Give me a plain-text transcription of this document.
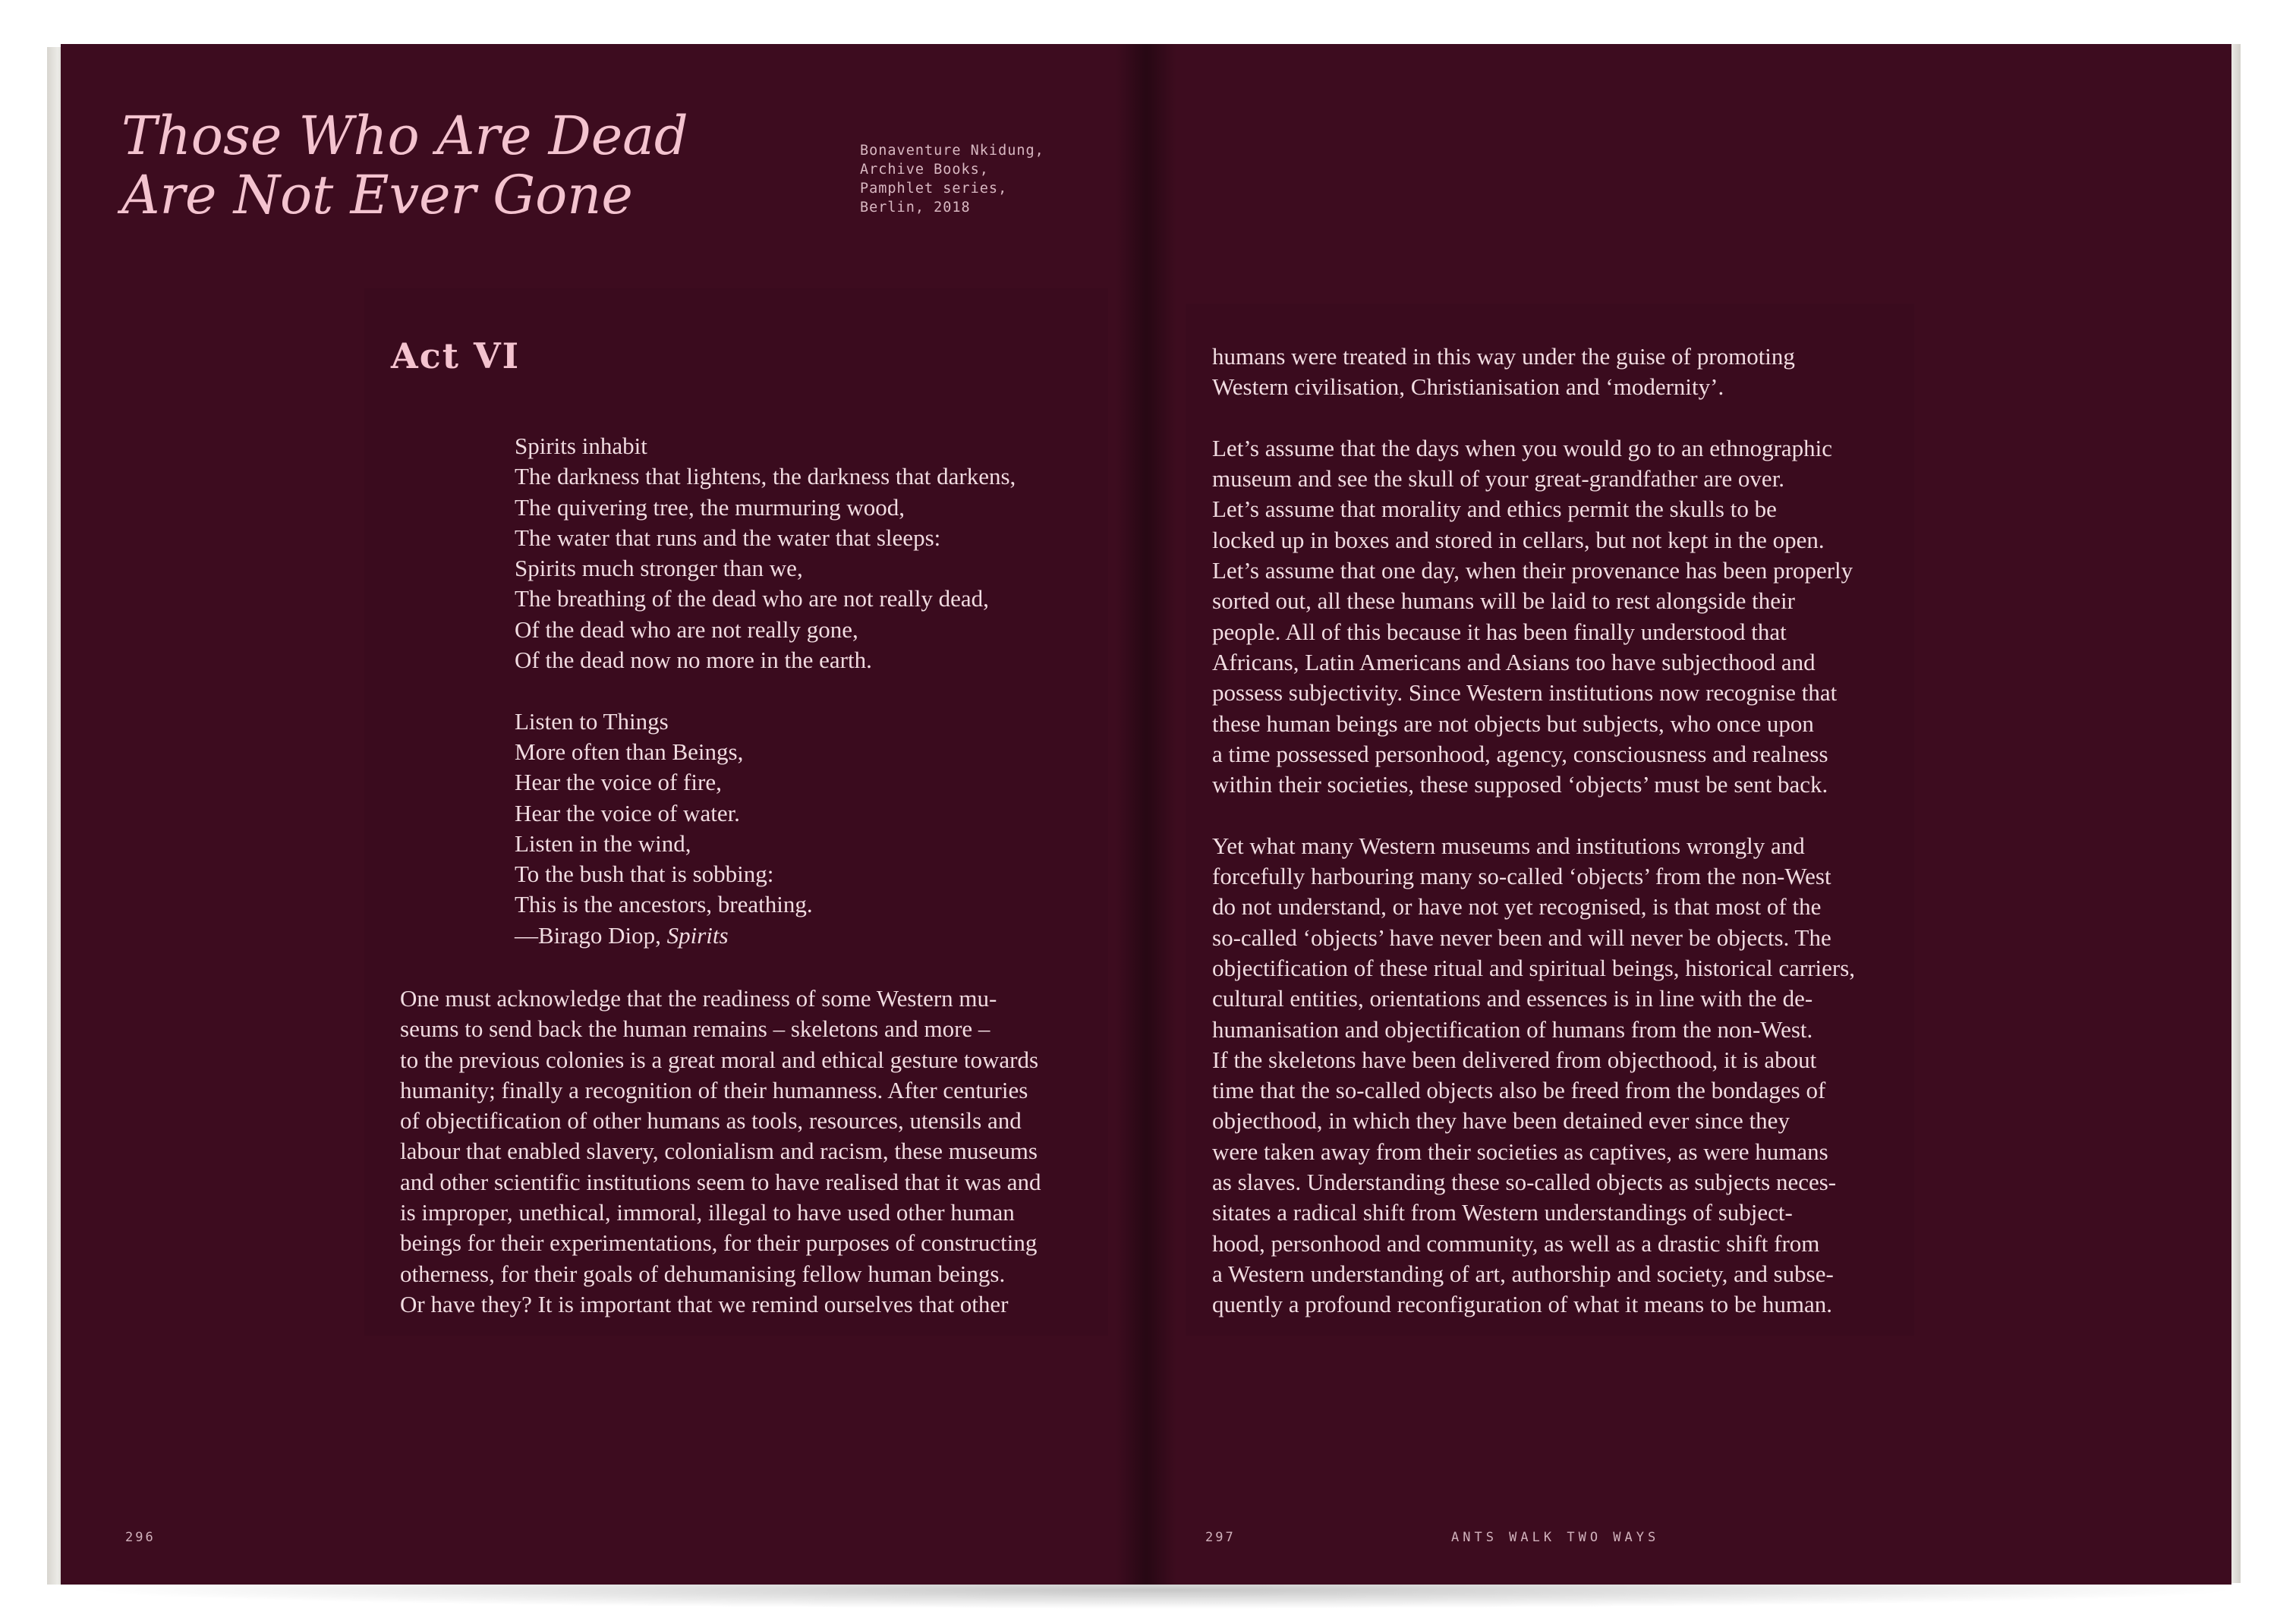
Those Who Are Dead
Are Not Ever Gone
Bonaventure Nkidung,
Archive Books,
Pamphlet series,
Berlin, 2018
Act VI
Spirits inhabit
The darkness that lightens, the darkness that darkens,
The quivering tree, the murmuring wood,
The water that runs and the water that sleeps:
Spirits much stronger than we,
The breathing of the dead who are not really dead,
Of the dead who are not really gone,
Of the dead now no more in the earth.
Listen to Things
More often than Beings,
Hear the voice of fire,
Hear the voice of water.
Listen in the wind,
To the bush that is sobbing:
This is the ancestors, breathing.
—Birago Diop, Spirits
One must acknowledge that the readiness of some Western mu-
seums to send back the human remains – skeletons and more –
to the previous colonies is a great moral and ethical gesture towards
humanity; finally a recognition of their humanness. After centuries
of objectification of other humans as tools, resources, utensils and
labour that enabled slavery, colonialism and racism, these museums
and other scientific institutions seem to have realised that it was and
is improper, unethical, immoral, illegal to have used other human
beings for their experimentations, for their purposes of constructing
otherness, for their goals of dehumanising fellow human beings.
Or have they? It is important that we remind ourselves that other
humans were treated in this way under the guise of promoting
Western civilisation, Christianisation and ‘modernity’.
Let’s assume that the days when you would go to an ethnographic
museum and see the skull of your great-grandfather are over.
Let’s assume that morality and ethics permit the skulls to be
locked up in boxes and stored in cellars, but not kept in the open.
Let’s assume that one day, when their provenance has been properly
sorted out, all these humans will be laid to rest alongside their
people. All of this because it has been finally understood that
Africans, Latin Americans and Asians too have subjecthood and
possess subjectivity. Since Western institutions now recognise that
these human beings are not objects but subjects, who once upon
a time possessed personhood, agency, consciousness and realness
within their societies, these supposed ‘objects’ must be sent back.
Yet what many Western museums and institutions wrongly and
forcefully harbouring many so-called ‘objects’ from the non-West
do not understand, or have not yet recognised, is that most of the
so-called ‘objects’ have never been and will never be objects. The
objectification of these ritual and spiritual beings, historical carriers,
cultural entities, orientations and essences is in line with the de-
humanisation and objectification of humans from the non-West.
If the skeletons have been delivered from objecthood, it is about
time that the so-called objects also be freed from the bondages of
objecthood, in which they have been detained ever since they
were taken away from their societies as captives, as were humans
as slaves. Understanding these so-called objects as subjects neces-
sitates a radical shift from Western understandings of subject-
hood, personhood and community, as well as a drastic shift from
a Western understanding of art, authorship and society, and subse-
quently a profound reconfiguration of what it means to be human.
296	297	ANTS WALK TWO WAYS
